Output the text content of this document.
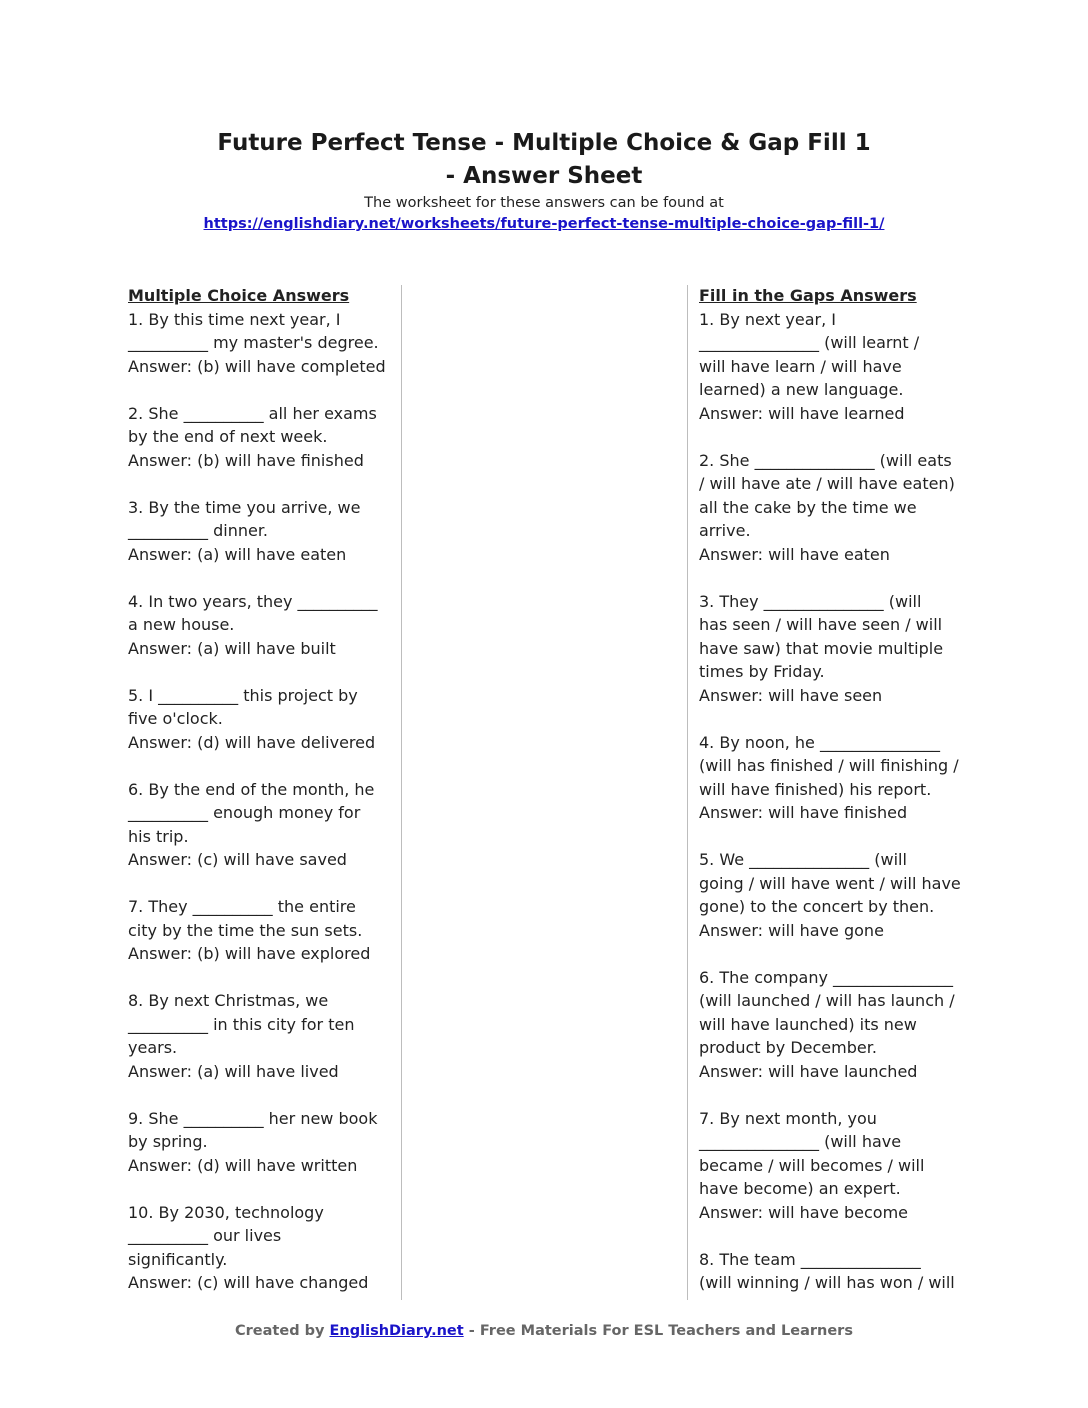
Future Perfect Tense - Multiple Choice & Gap Fill 1
- Answer Sheet
The worksheet for these answers can be found at
https://englishdiary.net/worksheets/future-perfect-tense-multiple-choice-gap-fill-1/
Multiple Choice Answers

1. By this time next year, I

__________ my master's degree.

Answer: (b) will have completed

2. She __________ all her exams

by the end of next week.

Answer: (b) will have finished

3. By the time you arrive, we

__________ dinner.

Answer: (a) will have eaten

4. In two years, they __________

a new house.

Answer: (a) will have built

5. I __________ this project by

five o'clock.

Answer: (d) will have delivered

6. By the end of the month, he

__________ enough money for

his trip.

Answer: (c) will have saved

7. They __________ the entire

city by the time the sun sets.

Answer: (b) will have explored

8. By next Christmas, we

__________ in this city for ten

years.

Answer: (a) will have lived

9. She __________ her new book

by spring.

Answer: (d) will have written

10. By 2030, technology

__________ our lives

significantly.

Answer: (c) will have changed

Fill in the Gaps Answers

1. By next year, I

_______________ (will learnt /

will have learn / will have

learned) a new language.

Answer: will have learned

2. She _______________ (will eats

/ will have ate / will have eaten)

all the cake by the time we

arrive.

Answer: will have eaten

3. They _______________ (will

has seen / will have seen / will

have saw) that movie multiple

times by Friday.

Answer: will have seen

4. By noon, he _______________

(will has finished / will finishing /

will have finished) his report.

Answer: will have finished

5. We _______________ (will

going / will have went / will have

gone) to the concert by then.

Answer: will have gone

6. The company _______________

(will launched / will has launch /

will have launched) its new

product by December.

Answer: will have launched

7. By next month, you

_______________ (will have

became / will becomes / will

have become) an expert.

Answer: will have become

8. The team _______________

(will winning / will has won / will

Created by EnglishDiary.net - Free Materials For ESL Teachers and Learners
